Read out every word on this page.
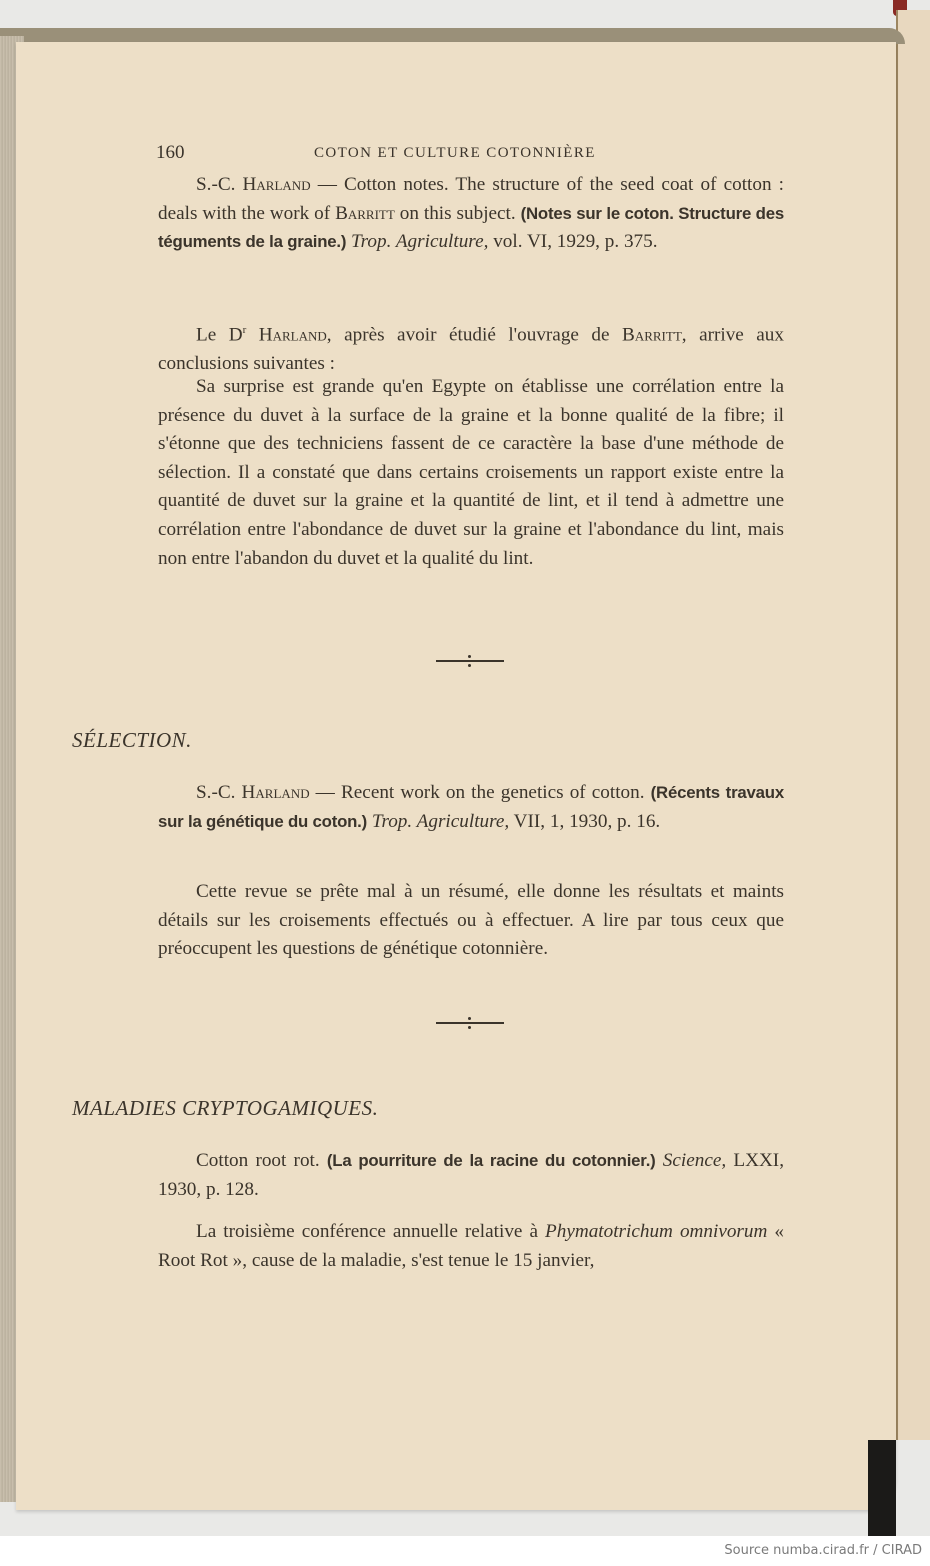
160	COTON ET CULTURE COTONNIÈRE

S.-C. Harland — Cotton notes. The structure of the seed coat of cotton : deals with the work of Barritt on this subject. (Notes sur le coton. Structure des téguments de la graine.) Trop. Agriculture, vol. VI, 1929, p. 375.

Le $D^r$ Harland, après avoir étudié l'ouvrage de Barritt, arrive aux conclusions suivantes :

Sa surprise est grande qu'en Egypte on établisse une corrélation entre la présence du duvet à la surface de la graine et la bonne qualité de la fibre; il s'étonne que des techniciens fassent de ce caractère la base d'une méthode de sélection. Il a constaté que dans certains croisements un rapport existe entre la quantité de duvet sur la graine et la quantité de lint, et il tend à admettre une corrélation entre l'abondance de duvet sur la graine et l'abondance du lint, mais non entre l'abandon du duvet et la qualité du lint.

SÉLECTION.

S.-C. Harland — Recent work on the genetics of cotton. (Récents travaux sur la génétique du coton.) Trop. Agriculture, VII, 1, 1930, p. 16.

Cette revue se prête mal à un résumé, elle donne les résultats et maints détails sur les croisements effectués ou à effectuer. A lire par tous ceux que préoccupent les questions de génétique cotonnière.

MALADIES CRYPTOGAMIQUES.

Cotton root rot. (La pourriture de la racine du cotonnier.) Science, LXXI, 1930, p. 128.

La troisième conférence annuelle relative à Phymatotrichum omnivorum « Root Rot », cause de la maladie, s'est tenue le 15 janvier,

Source numba.cirad.fr / CIRAD
